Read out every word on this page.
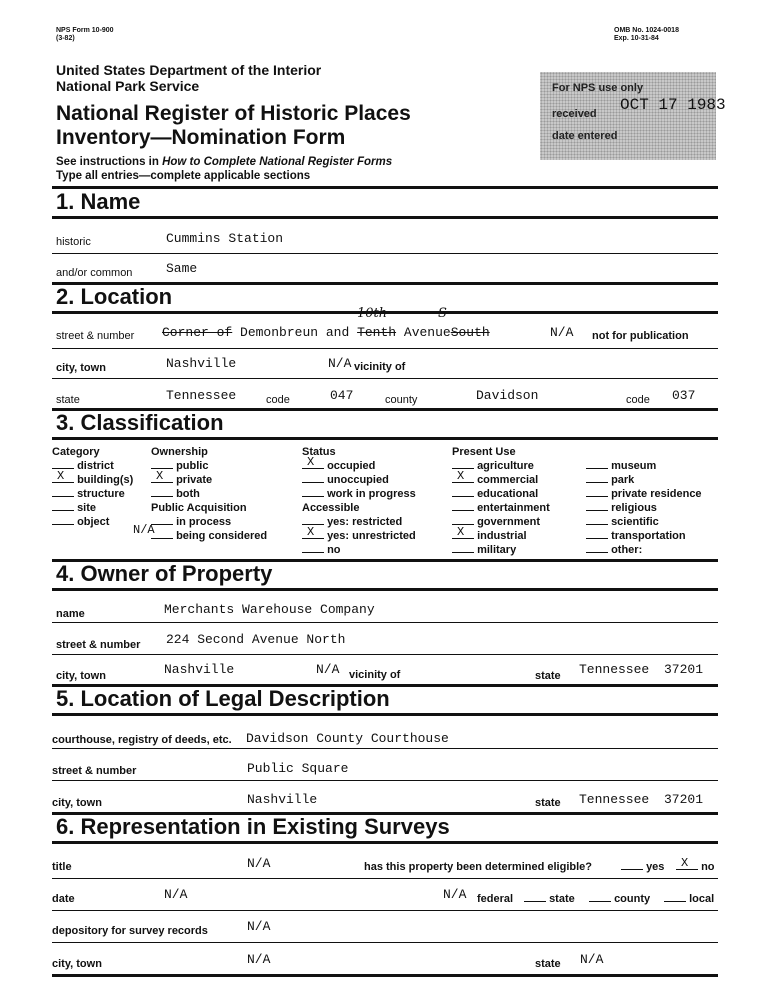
NPS Form 10-900
(3-82)
OMB No. 1024-0018
Exp. 10-31-84
United States Department of the Interior
National Park Service
National Register of Historic Places
Inventory—Nomination Form
See instructions in How to Complete National Register Forms
Type all entries—complete applicable sections
For NPS use only
received OCT 17 1983
date entered
1. Name
historic	Cummins Station
and/or common	Same
2. Location
10th	S
street & number Corner of Demonbreun and Tenth AvenueSouth	N/A not for publication
city, town	Nashville	N/A vicinity of
state	Tennessee	code	047	county	Davidson	code 037
3. Classification
Category
district
X building(s)
structure
site
object
Ownership
public
X private
both
Public Acquisition
N/A
in process
being considered
Status
X occupied
unoccupied
work in progress
Accessible
yes: restricted
X yes: unrestricted
no
Present Use
agriculture
X commercial
educational
entertainment
government
X industrial
military
museum
park
private residence
religious
scientific
transportation
other:
4. Owner of Property
name	Merchants Warehouse Company
street & number 224 Second Avenue North
city, town	Nashville	N/A vicinity of	state Tennessee 37201
5. Location of Legal Description
courthouse, registry of deeds, etc. Davidson County Courthouse
street & number	Public Square
city, town	Nashville	state Tennessee 37201
6. Representation in Existing Surveys
title	N/A	has this property been determined eligible?	yes X no
date	N/A	N/A federal	state	county	local
depository for survey records	N/A
city, town	N/A	state N/A
